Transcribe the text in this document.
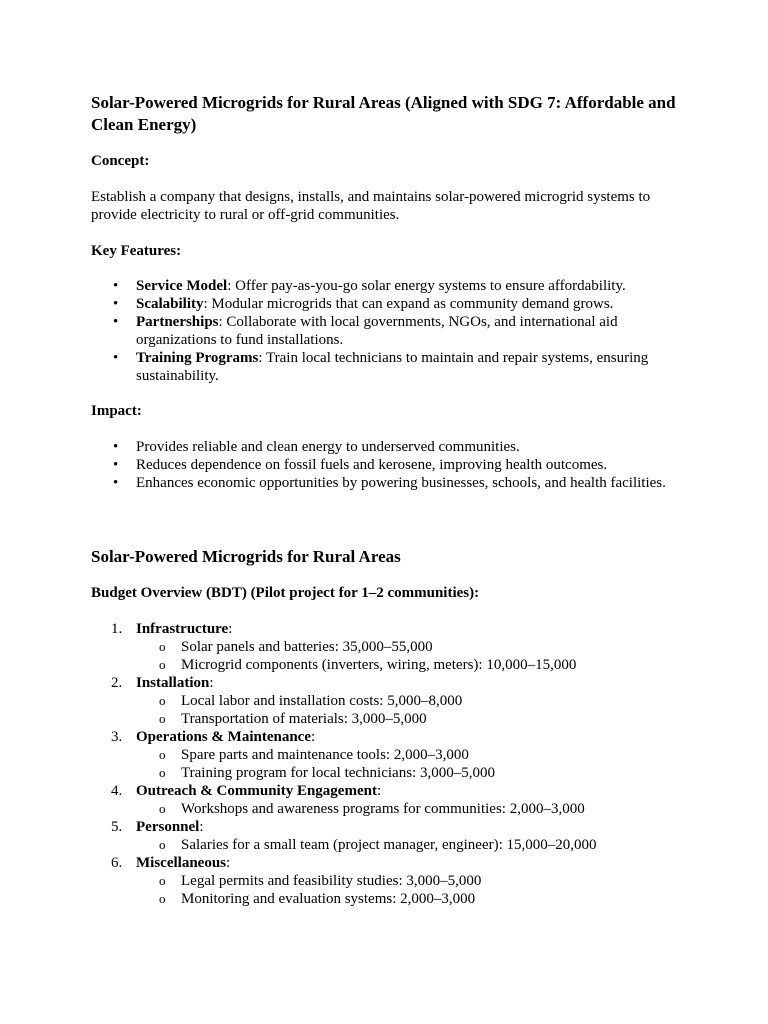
Solar-Powered Microgrids for Rural Areas (Aligned with SDG 7: Affordable and Clean Energy)

Concept:

Establish a company that designs, installs, and maintains solar-powered microgrid systems to provide electricity to rural or off-grid communities.

Key Features:

• Service Model: Offer pay-as-you-go solar energy systems to ensure affordability.
• Scalability: Modular microgrids that can expand as community demand grows.
• Partnerships: Collaborate with local governments, NGOs, and international aid organizations to fund installations.
• Training Programs: Train local technicians to maintain and repair systems, ensuring sustainability.

Impact:

• Provides reliable and clean energy to underserved communities.
• Reduces dependence on fossil fuels and kerosene, improving health outcomes.
• Enhances economic opportunities by powering businesses, schools, and health facilities.
Solar-Powered Microgrids for Rural Areas

Budget Overview (BDT) (Pilot project for 1–2 communities):

1. Infrastructure:
o Solar panels and batteries: 35,000–55,000
o Microgrid components (inverters, wiring, meters): 10,000–15,000
2. Installation:
o Local labor and installation costs: 5,000–8,000
o Transportation of materials: 3,000–5,000
3. Operations & Maintenance:
o Spare parts and maintenance tools: 2,000–3,000
o Training program for local technicians: 3,000–5,000
4. Outreach & Community Engagement:
o Workshops and awareness programs for communities: 2,000–3,000
5. Personnel:
o Salaries for a small team (project manager, engineer): 15,000–20,000
6. Miscellaneous:
o Legal permits and feasibility studies: 3,000–5,000
o Monitoring and evaluation systems: 2,000–3,000
